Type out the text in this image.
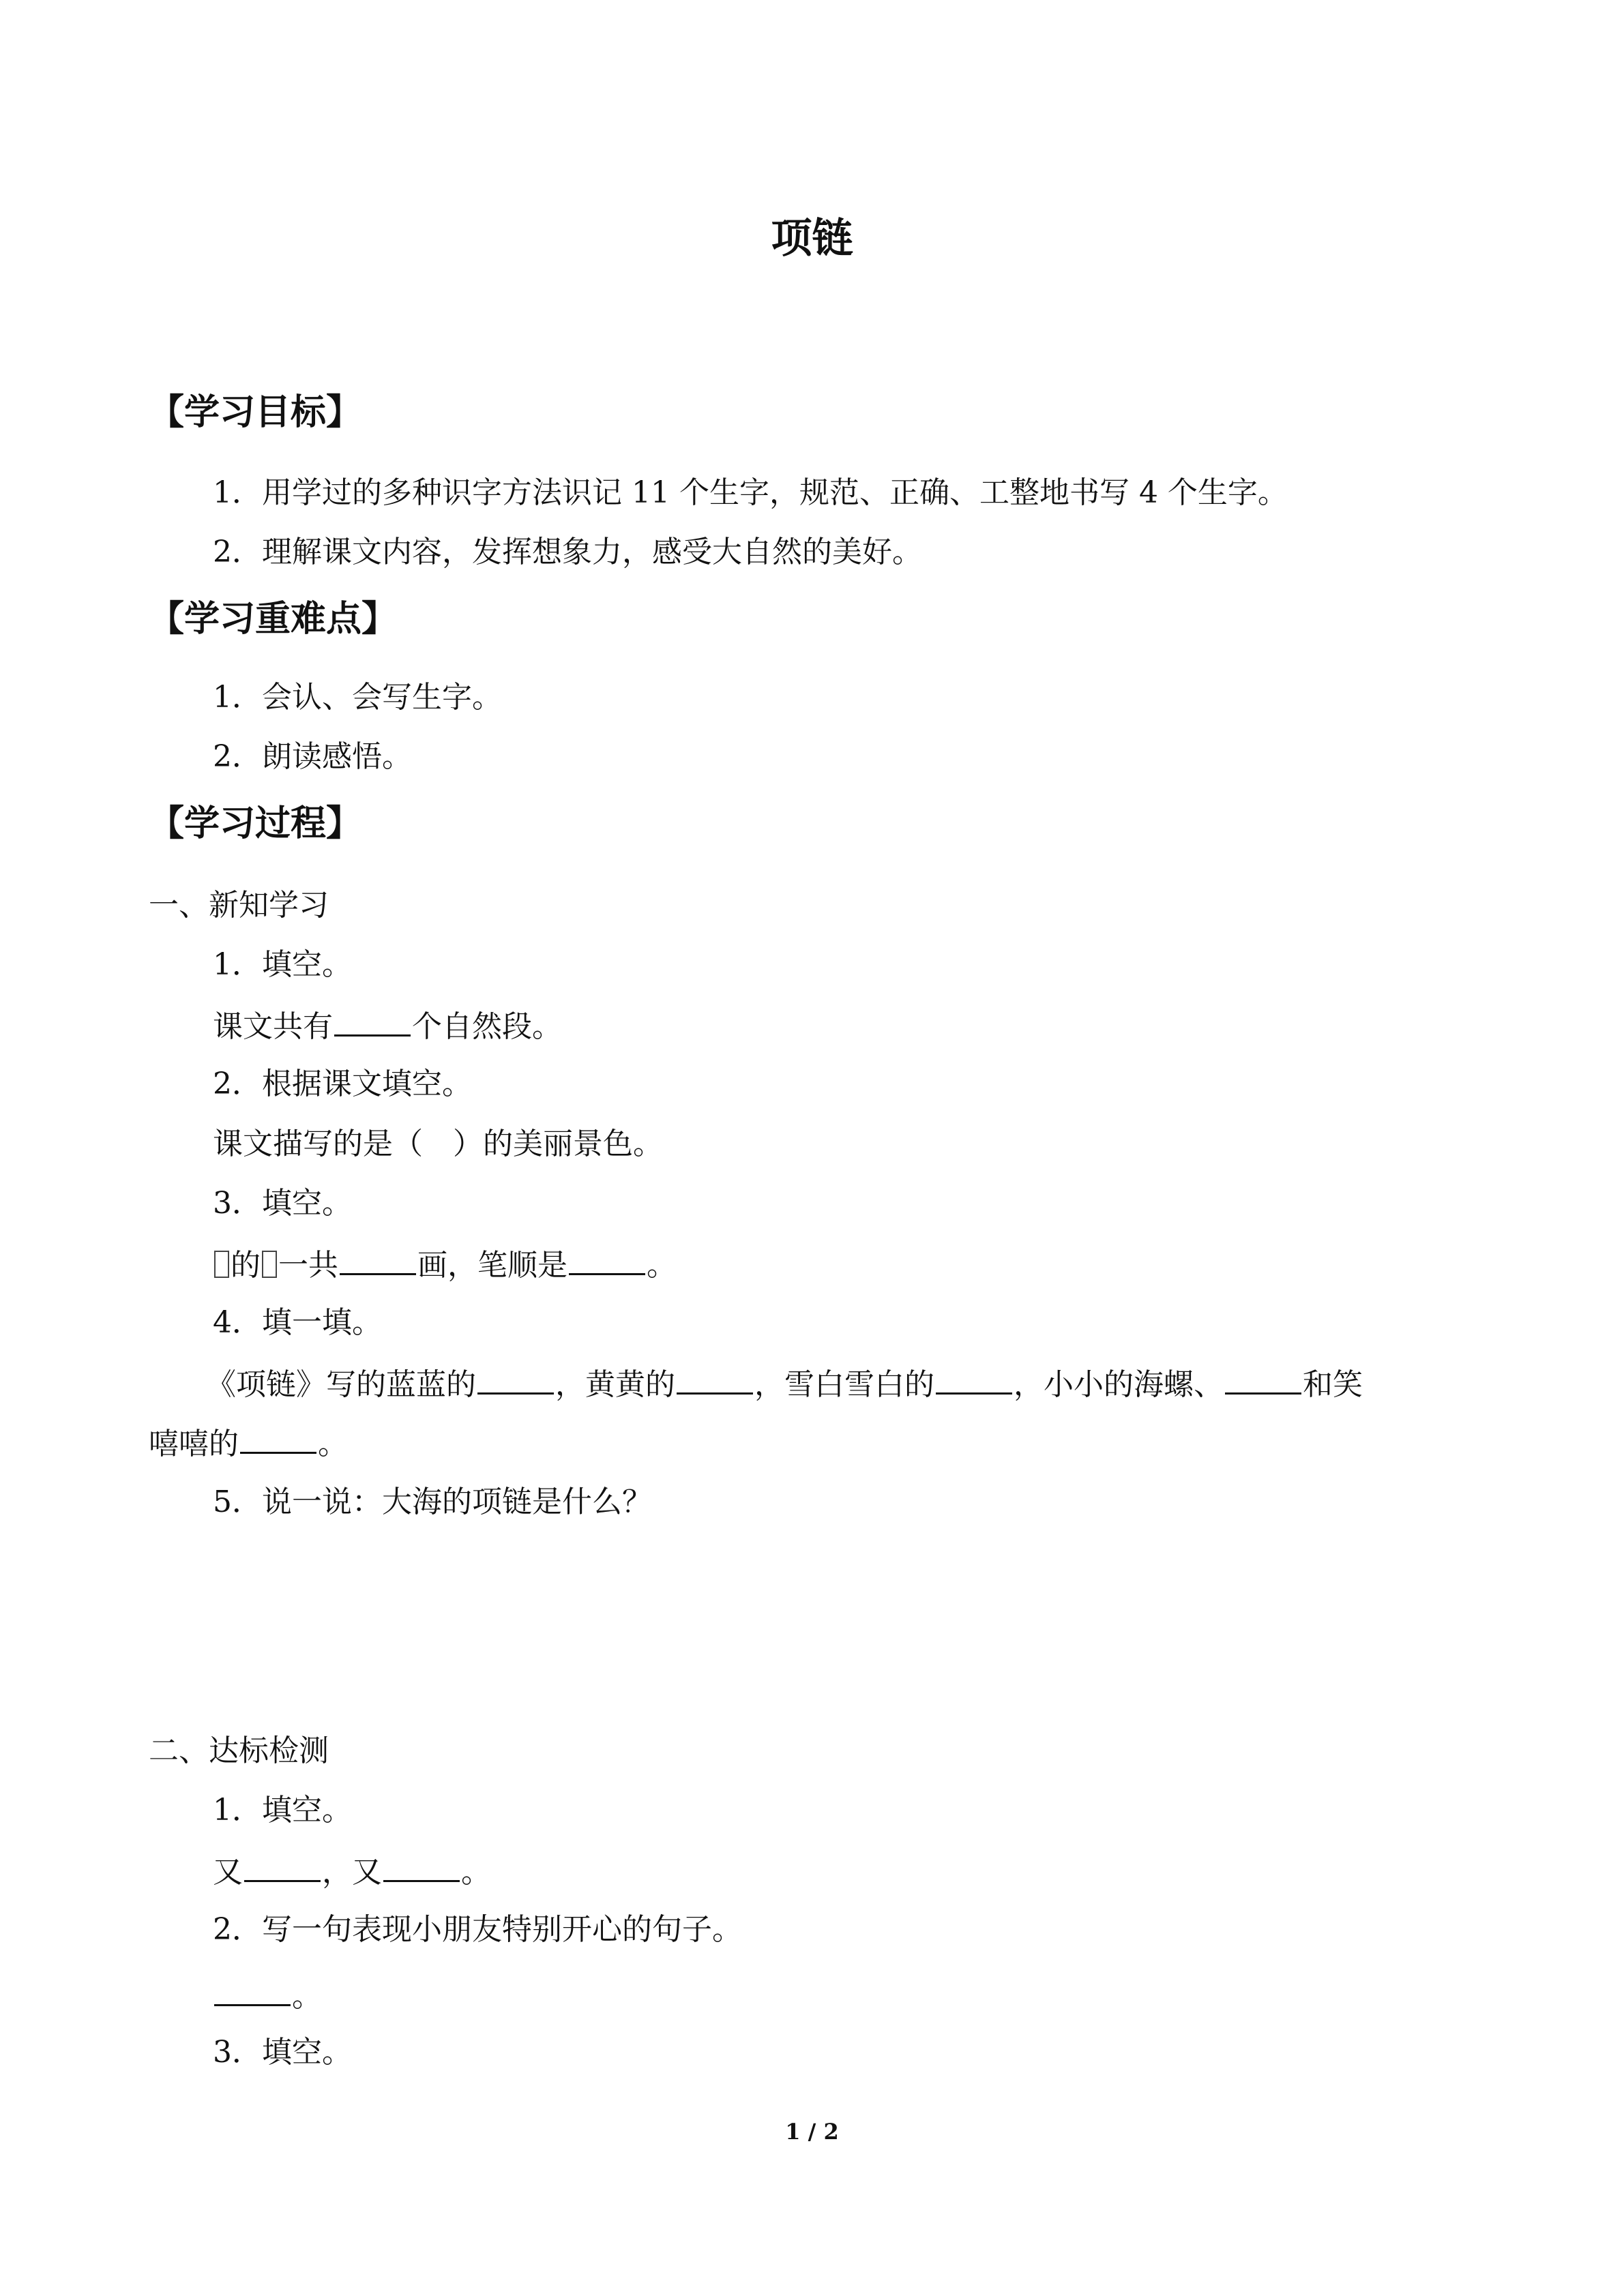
项链
【学习目标】
1．用学过的多种识字方法识记 11 个生字，规范、正确、工整地书写 4 个生字。
2．理解课文内容，发挥想象力，感受大自然的美好。
【学习重难点】
1．会认、会写生字。
2．朗读感悟。
【学习过程】
一、新知学习
1．填空。
课文共有	个自然段。
2．根据课文填空。
课文描写的是（ ）的美丽景色。
3．填空。
的 一共	画，笔顺是	。
4．填一填。
《项链》写的蓝蓝的	，黄黄的	，雪白雪白的	，小小的海螺、	和笑
嘻嘻的	。
5．说一说：大海的项链是什么？
二、达标检测
1．填空。
又	，又	。
2．写一句表现小朋友特别开心的句子。
。
3．填空。
1 / 2
